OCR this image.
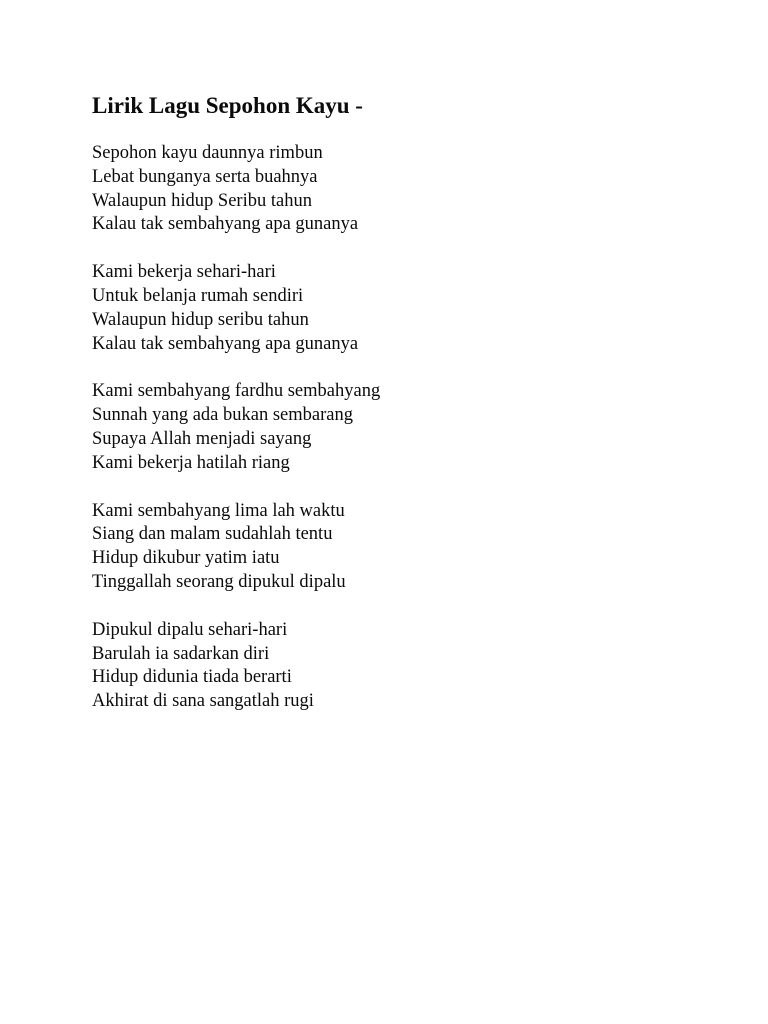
Lirik Lagu Sepohon Kayu -
Sepohon kayu daunnya rimbun
Lebat bunganya serta buahnya
Walaupun hidup Seribu tahun
Kalau tak sembahyang apa gunanya
Kami bekerja sehari-hari
Untuk belanja rumah sendiri
Walaupun hidup seribu tahun
Kalau tak sembahyang apa gunanya
Kami sembahyang fardhu sembahyang
Sunnah yang ada bukan sembarang
Supaya Allah menjadi sayang
Kami bekerja hatilah riang
Kami sembahyang lima lah waktu
Siang dan malam sudahlah tentu
Hidup dikubur yatim iatu
Tinggallah seorang dipukul dipalu
Dipukul dipalu sehari-hari
Barulah ia sadarkan diri
Hidup didunia tiada berarti
Akhirat di sana sangatlah rugi
